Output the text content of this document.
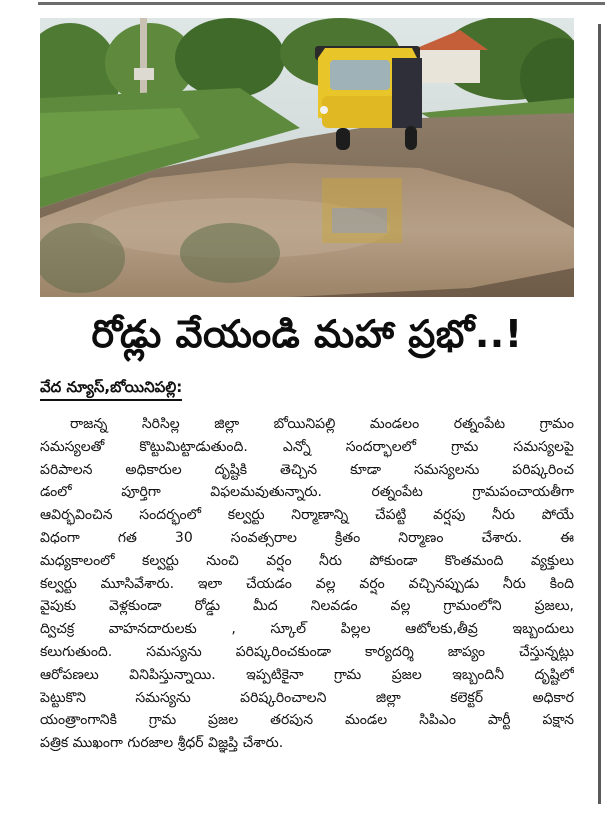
రోడ్లు వేయండి మహా ప్రభో..!
వేద న్యూస్,బోయినిపల్లి:
రాజన్న సిరిసిల్ల జిల్లా బోయినిపల్లి మండలం రత్నంపేట గ్రామం
సమస్యలతో కొట్టుమిట్టాడుతుంది. ఎన్నో సందర్భాలలో గ్రామ సమస్యలపై
పరిపాలన అధికారుల దృష్టికి తెచ్చిన కూడా సమస్యలను పరిష్కరించ
డంలో పూర్తిగా విఫలమవుతున్నారు. రత్నంపేట గ్రామపంచాయతీగా
ఆవిర్భవించిన సందర్భంలో కల్వర్టు నిర్మాణాన్ని చేపట్టి వర్షపు నీరు పోయే
విధంగా గత 30 సంవత్సరాల క్రితం నిర్మాణం చేశారు. ఈ
మధ్యకాలంలో కల్వర్టు నుంచి వర్షం నీరు పోకుండా కొంతమంది వ్యక్తులు
కల్వర్టు మూసివేశారు. ఇలా చేయడం వల్ల వర్షం వచ్చినప్పుడు నీరు కింది
వైపుకు వెళ్లకుండా రోడ్డు మీద నిలవడం వల్ల గ్రామంలోని ప్రజలు,
ద్విచక్ర వాహనదారులకు , స్కూల్ పిల్లల ఆటోలకు,తీవ్ర ఇబ్బందులు
కలుగుతుంది. సమస్యను పరిష్కరించకుండా కార్యదర్శి జాప్యం చేస్తున్నట్లు
ఆరోపణలు వినిపిస్తున్నాయి. ఇప్పటికైనా గ్రామ ప్రజల ఇబ్బందినీ దృష్టిలో
పెట్టుకొని సమస్యను పరిష్కరించాలని జిల్లా కలెక్టర్ అధికార
యంత్రాంగానికి గ్రామ ప్రజల తరపున మండల సిపిఎం పార్టీ పక్షాన
పత్రిక ముఖంగా గురజాల శ్రీధర్ విజ్ఞప్తి చేశారు.
